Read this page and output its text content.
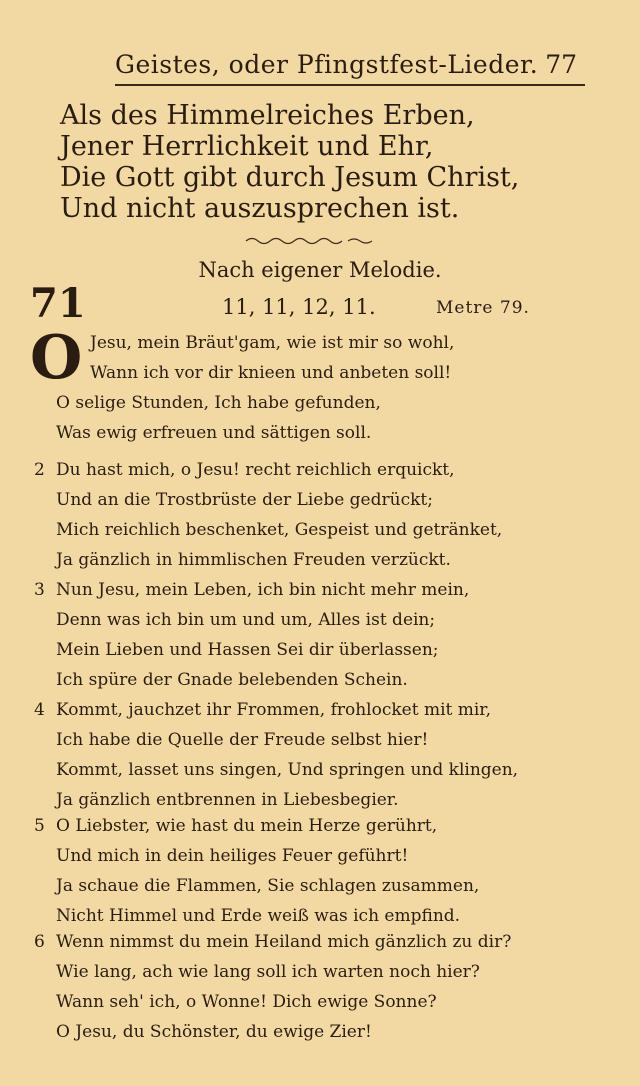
Geistes, oder Pfingstfest-Lieder. 77
Als des Himmelreiches Erben,
Jener Herrlichkeit und Ehr,
Die Gott gibt durch Jesum Christ,
Und nicht auszusprechen ist.
Nach eigener Melodie.
71	11, 11, 12, 11.	Metre 79.
O Jesu, mein Bräut'gam, wie ist mir so wohl,
Wann ich vor dir knieen und anbeten soll!
O selige Stunden, Ich habe gefunden,
Was ewig erfreuen und sättigen soll.
2 Du hast mich, o Jesu! recht reichlich erquickt,
Und an die Trostbrüste der Liebe gedrückt;
Mich reichlich beschenket, Gespeist und getränket,
Ja gänzlich in himmlischen Freuden verzückt.
3 Nun Jesu, mein Leben, ich bin nicht mehr mein,
Denn was ich bin um und um, Alles ist dein;
Mein Lieben und Hassen Sei dir überlassen;
Ich spüre der Gnade belebenden Schein.
4 Kommt, jauchzet ihr Frommen, frohlocket mit mir,
Ich habe die Quelle der Freude selbst hier!
Kommt, lasset uns singen, Und springen und klingen,
Ja gänzlich entbrennen in Liebesbegier.
5 O Liebster, wie hast du mein Herze gerührt,
Und mich in dein heiliges Feuer geführt!
Ja schaue die Flammen, Sie schlagen zusammen,
Nicht Himmel und Erde weiß was ich empfind.
6 Wenn nimmst du mein Heiland mich gänzlich zu dir?
Wie lang, ach wie lang soll ich warten noch hier?
Wann seh' ich, o Wonne! Dich ewige Sonne?
O Jesu, du Schönster, du ewige Zier!
